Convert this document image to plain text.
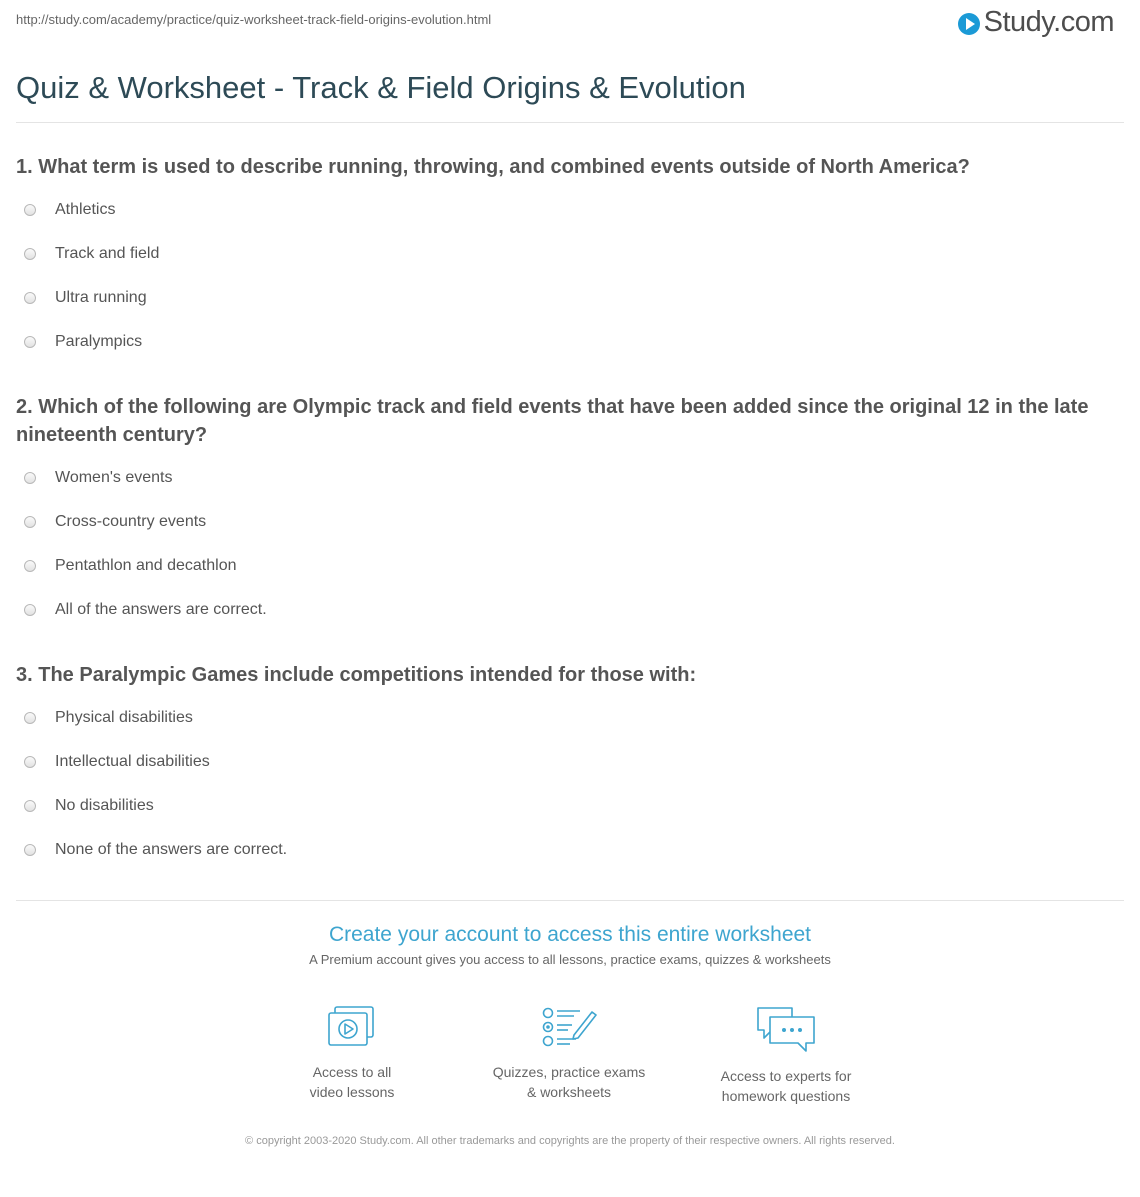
http://study.com/academy/practice/quiz-worksheet-track-field-origins-evolution.html	Study.com
Quiz & Worksheet - Track & Field Origins & Evolution

1. What term is used to describe running, throwing, and combined events outside of North America?

Athletics
Track and field
Ultra running
Paralympics

2. Which of the following are Olympic track and field events that have been added since the original 12 in the late nineteenth century?

Women's events
Cross-country events
Pentathlon and decathlon
All of the answers are correct.

3. The Paralympic Games include competitions intended for those with:

Physical disabilities
Intellectual disabilities
No disabilities
None of the answers are correct.

Create your account to access this entire worksheet

A Premium account gives you access to all lessons, practice exams, quizzes & worksheets
Access to all
video lessons
Quizzes, practice exams
& worksheets
Access to experts for
homework questions
© copyright 2003-2020 Study.com. All other trademarks and copyrights are the property of their respective owners. All rights reserved.
